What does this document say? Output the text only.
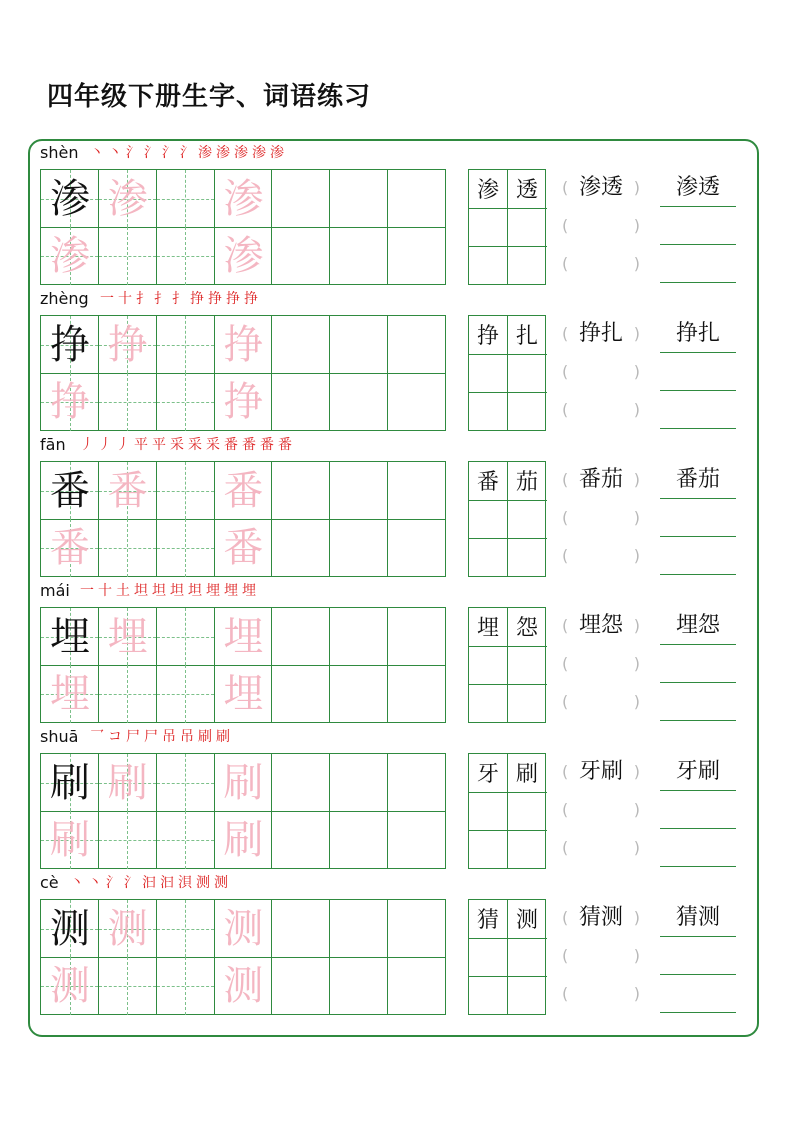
四年级下册生字、词语练习
shèn 丶 丶 氵 氵 氵 氵 渗 渗 渗 渗 渗
渗 渗 渗
渗	渗
渗 透	(	)
渗透
(	)
(	)
渗透
zhèng 一 十 扌 扌 扌 挣 挣 挣 挣
挣 挣 挣
挣	挣
挣 扎	(	)
挣扎
(	)
(	)
挣扎
fān 丿 丿 丿 平 平 采 采 采 番 番 番 番
番 番 番
番	番
番 茄	(	)
番茄
(	)
(	)
番茄
mái 一 十 土 坦 坦 坦 坦 埋 埋 埋
埋 埋 埋
埋	埋
埋 怨	(	)
埋怨
(	)
(	)
埋怨
shuā 乛 コ 尸 尸 吊 吊 刷 刷
刷 刷 刷
刷	刷
牙 刷	(	)
牙刷
(	)
(	)
牙刷
cè 丶 丶 氵 氵 汩 汩 浿 测 测
测 测 测
测	测
猜 测	(	)
猜测
(	)
(	)
猜测
